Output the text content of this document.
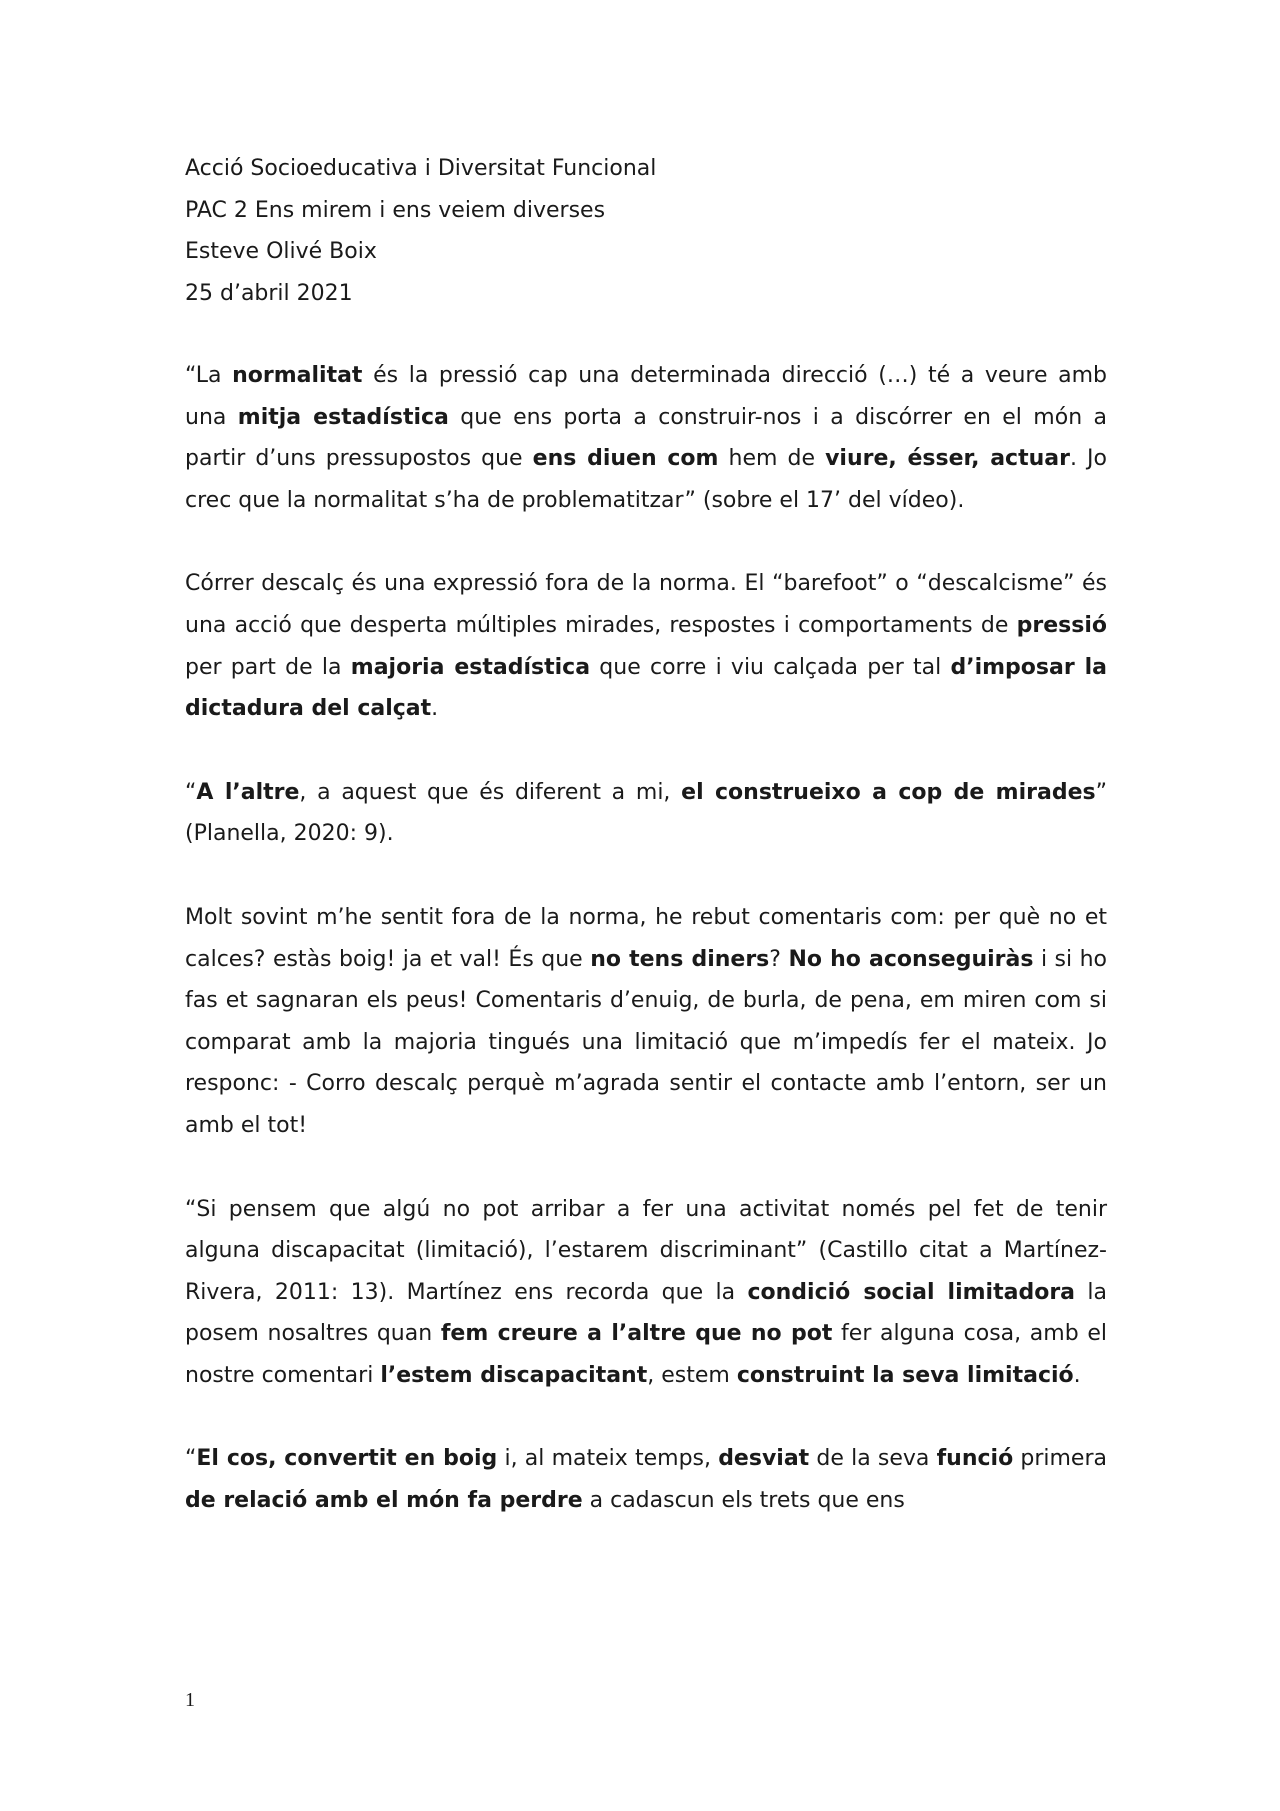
Acció Socioeducativa i Diversitat Funcional

PAC 2 Ens mirem i ens veiem diverses

Esteve Olivé Boix

25 d’abril 2021

“La normalitat és la pressió cap una determinada direcció (…) té a veure amb una mitja estadística que ens porta a construir-nos i a discórrer en el món a partir d’uns pressupostos que ens diuen com hem de viure, ésser, actuar. Jo crec que la normalitat s’ha de problematitzar” (sobre el 17’ del vídeo).

Córrer descalç és una expressió fora de la norma. El “barefoot” o “descalcisme” és una acció que desperta múltiples mirades, respostes i comportaments de pressió per part de la majoria estadística que corre i viu calçada per tal d’imposar la dictadura del calçat.

“A l’altre, a aquest que és diferent a mi, el construeixo a cop de mirades” (Planella, 2020: 9).

Molt sovint m’he sentit fora de la norma, he rebut comentaris com: per què no et calces? estàs boig! ja et val! És que no tens diners? No ho aconseguiràs i si ho fas et sagnaran els peus! Comentaris d’enuig, de burla, de pena, em miren com si comparat amb la majoria tingués una limitació que m’impedís fer el mateix. Jo responc: - Corro descalç perquè m’agrada sentir el contacte amb l’entorn, ser un amb el tot!

“Si pensem que algú no pot arribar a fer una activitat només pel fet de tenir alguna discapacitat (limitació), l’estarem discriminant” (Castillo citat a Martínez-Rivera, 2011: 13). Martínez ens recorda que la condició social limitadora la posem nosaltres quan fem creure a l’altre que no pot fer alguna cosa, amb el nostre comentari l’estem discapacitant, estem construint la seva limitació.

“El cos, convertit en boig i, al mateix temps, desviat de la seva funció primera de relació amb el món fa perdre a cadascun els trets que ens

1
